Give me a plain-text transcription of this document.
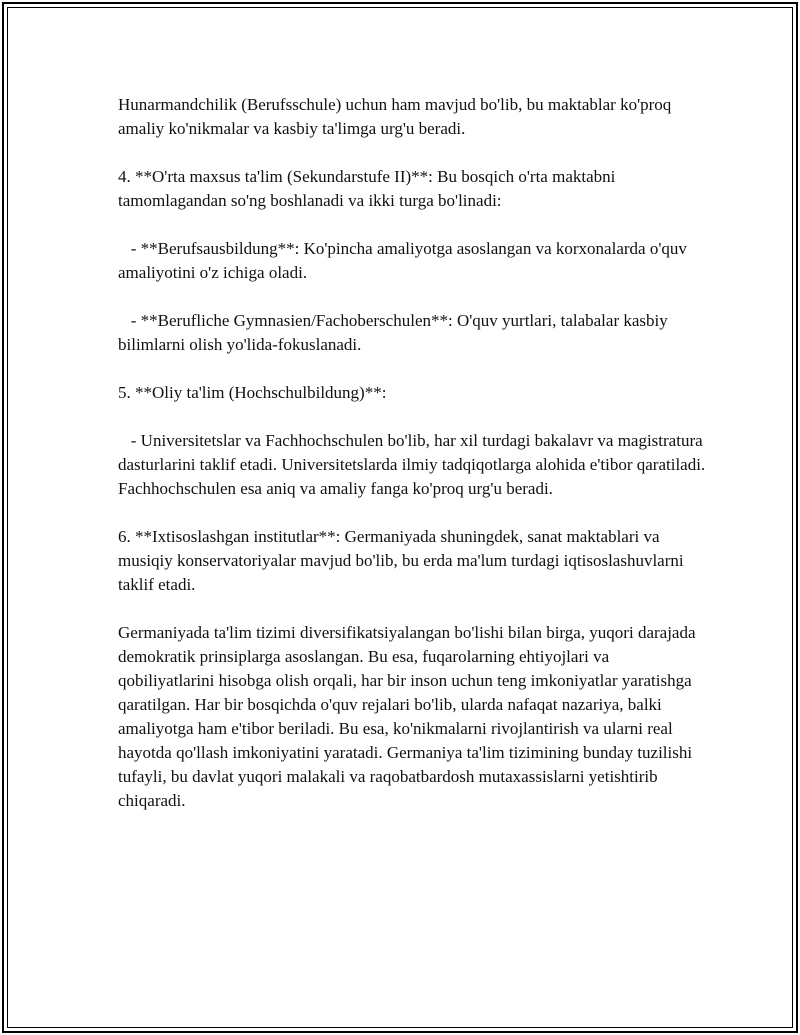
Hunarmandchilik (Berufsschule) uchun ham mavjud bo'lib, bu maktablar ko'proq amaliy ko'nikmalar va kasbiy ta'limga urg'u beradi.

4. **O'rta maxsus ta'lim (Sekundarstufe II)**: Bu bosqich o'rta maktabni tamomlagandan so'ng boshlanadi va ikki turga bo'linadi:

- **Berufsausbildung**: Ko'pincha amaliyotga asoslangan va korxonalarda o'quv amaliyotini o'z ichiga oladi.

- **Berufliche Gymnasien/Fachoberschulen**: O'quv yurtlari, talabalar kasbiy bilimlarni olish yo'lida-fokuslanadi.

5. **Oliy ta'lim (Hochschulbildung)**:

- Universitetslar va Fachhochschulen bo'lib, har xil turdagi bakalavr va magistratura dasturlarini taklif etadi. Universitetslarda ilmiy tadqiqotlarga alohida e'tibor qaratiladi. Fachhochschulen esa aniq va amaliy fanga ko'proq urg'u beradi.

6. **Ixtisoslashgan institutlar**: Germaniyada shuningdek, sanat maktablari va musiqiy konservatoriyalar mavjud bo'lib, bu erda ma'lum turdagi iqtisoslashuvlarni taklif etadi.

Germaniyada ta'lim tizimi diversifikatsiyalangan bo'lishi bilan birga, yuqori darajada demokratik prinsiplarga asoslangan. Bu esa, fuqarolarning ehtiyojlari va qobiliyatlarini hisobga olish orqali, har bir inson uchun teng imkoniyatlar yaratishga qaratilgan. Har bir bosqichda o'quv rejalari bo'lib, ularda nafaqat nazariya, balki amaliyotga ham e'tibor beriladi. Bu esa, ko'nikmalarni rivojlantirish va ularni real hayotda qo'llash imkoniyatini yaratadi. Germaniya ta'lim tizimining bunday tuzilishi tufayli, bu davlat yuqori malakali va raqobatbardosh mutaxassislarni yetishtirib chiqaradi.
